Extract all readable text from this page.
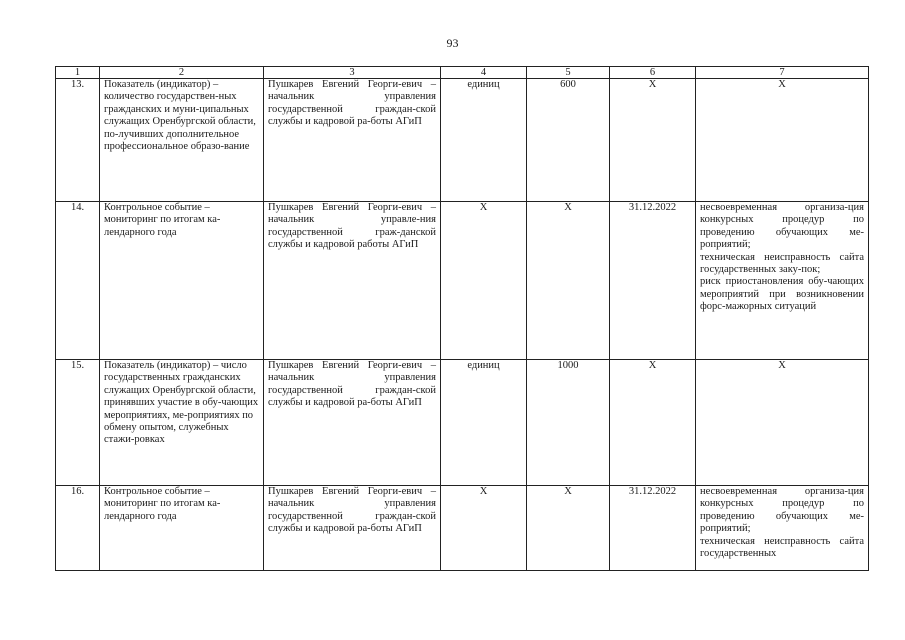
93
1	2	3	4	5	6	7
13.	Показатель (индикатор) – количество государствен-ных гражданских и муни-ципальных служащих Оренбургской области, по-лучивших дополнительное профессиональное образо-вание	Пушкарев Евгений Георги-евич – начальник управления государственной граждан-ской службы и кадровой ра-боты АГиП	единиц	600	Х	Х

14.	Контрольное событие – мониторинг по итогам ка-лендарного года	Пушкарев Евгений Георги-евич – начальник управле-ния государственной граж-данской службы и кадровой работы АГиП	Х	Х	31.12.2022	несвоевременная организа-ция конкурсных процедур по проведению обучающих ме-роприятий;
техническая неисправность сайта государственных заку-пок;
риск приостановления обу-чающих мероприятий при возникновении форс-мажорных ситуаций

15.	Показатель (индикатор) – число государственных гражданских служащих Оренбургской области, принявших участие в обу-чающих мероприятиях, ме-роприятиях по обмену опытом, служебных стажи-ровках	Пушкарев Евгений Георги-евич – начальник управления государственной граждан-ской службы и кадровой ра-боты АГиП	единиц	1000	Х	Х

16.	Контрольное событие – мониторинг по итогам ка-лендарного года	Пушкарев Евгений Георги-евич – начальник управления государственной граждан-ской службы и кадровой ра-боты АГиП	Х	Х	31.12.2022	несвоевременная организа-ция конкурсных процедур по проведению обучающих ме-роприятий;
техническая неисправность сайта государственных
